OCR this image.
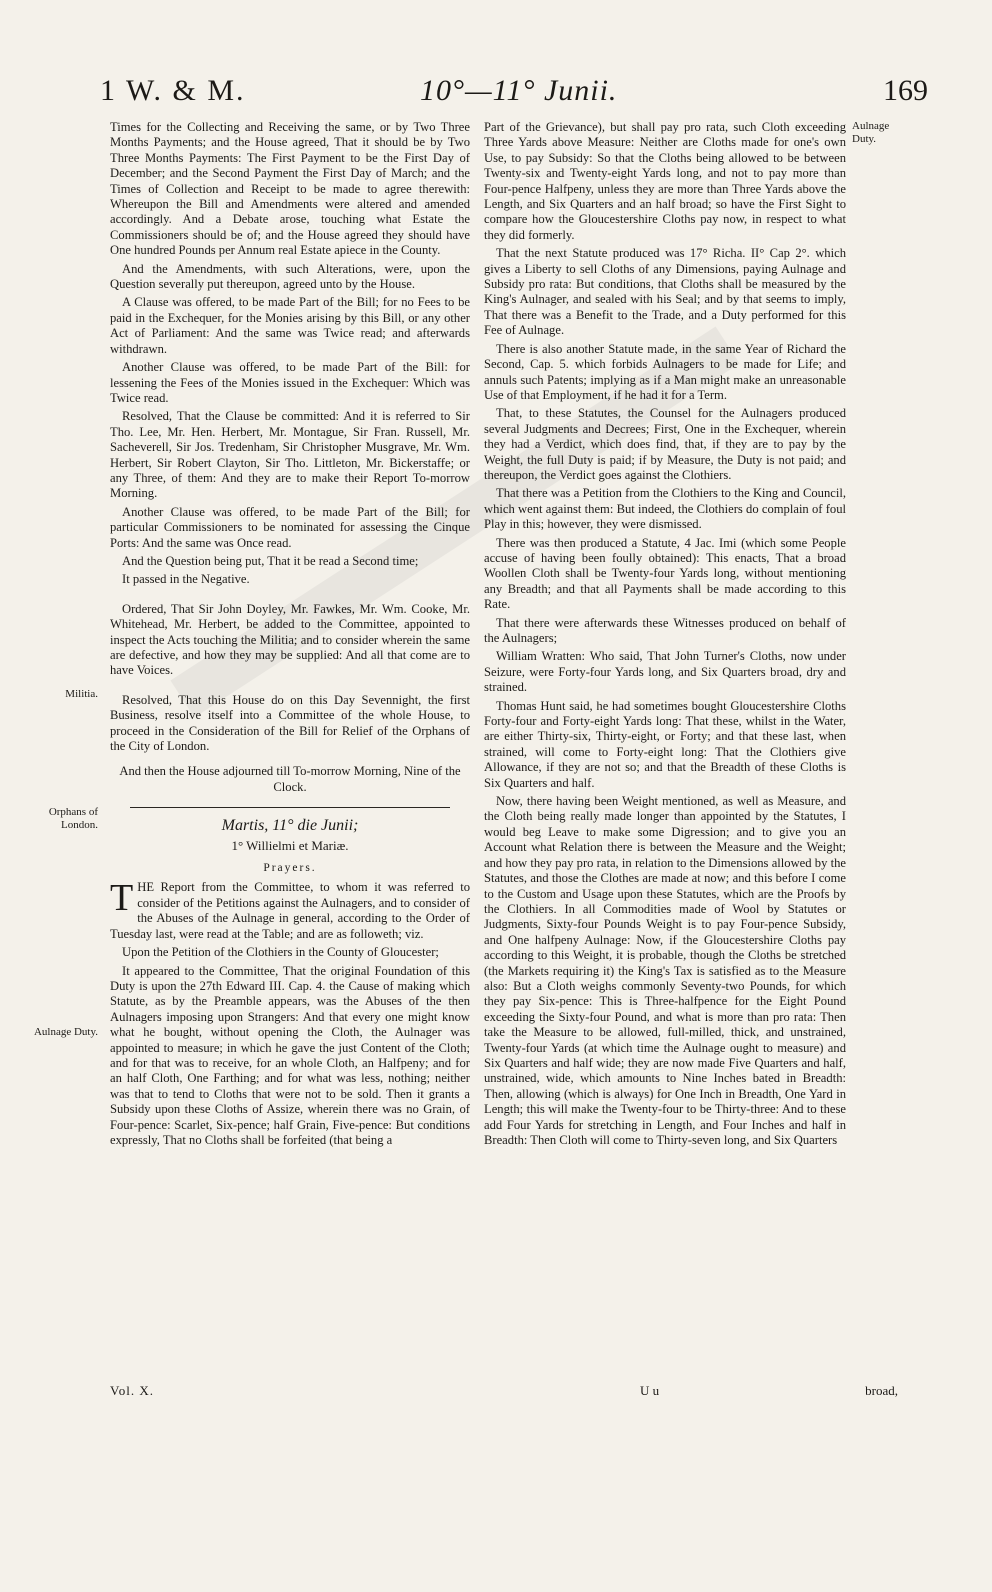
1 W. & M.	10°—11° Junii.	169
Aulnage Duty.
Militia.
Orphans of London.
Aulnage Duty.

Times for the Collecting and Receiving the same, or by Two Three Months Payments; and the House agreed, That it should be by Two Three Months Payments: The First Payment to be the First Day of December; and the Second Payment the First Day of March; and the Times of Collection and Receipt to be made to agree therewith: Whereupon the Bill and Amendments were altered and amended accordingly. And a Debate arose, touching what Estate the Commissioners should be of; and the House agreed they should have One hundred Pounds per Annum real Estate apiece in the County.

And the Amendments, with such Alterations, were, upon the Question severally put thereupon, agreed unto by the House.

A Clause was offered, to be made Part of the Bill; for no Fees to be paid in the Exchequer, for the Monies arising by this Bill, or any other Act of Parliament: And the same was Twice read; and afterwards withdrawn.

Another Clause was offered, to be made Part of the Bill: for lessening the Fees of the Monies issued in the Exchequer: Which was Twice read.

Resolved, That the Clause be committed: And it is referred to Sir Tho. Lee, Mr. Hen. Herbert, Mr. Montague, Sir Fran. Russell, Mr. Sacheverell, Sir Jos. Tredenham, Sir Christopher Musgrave, Mr. Wm. Herbert, Sir Robert Clayton, Sir Tho. Littleton, Mr. Bickerstaffe; or any Three, of them: And they are to make their Report To-morrow Morning.

Another Clause was offered, to be made Part of the Bill; for particular Commissioners to be nominated for assessing the Cinque Ports: And the same was Once read.

And the Question being put, That it be read a Second time;

It passed in the Negative.

Ordered, That Sir John Doyley, Mr. Fawkes, Mr. Wm. Cooke, Mr. Whitehead, Mr. Herbert, be added to the Committee, appointed to inspect the Acts touching the Militia; and to consider wherein the same are defective, and how they may be supplied: And all that come are to have Voices.

Resolved, That this House do on this Day Sevennight, the first Business, resolve itself into a Committee of the whole House, to proceed in the Consideration of the Bill for Relief of the Orphans of the City of London.

And then the House adjourned till To-morrow Morning, Nine of the Clock.

Martis, 11° die Junii;
1° Willielmi et Mariæ.
Prayers.

THE Report from the Committee, to whom it was referred to consider of the Petitions against the Aulnagers, and to consider of the Abuses of the Aulnage in general, according to the Order of Tuesday last, were read at the Table; and are as followeth; viz.

Upon the Petition of the Clothiers in the County of Gloucester;

It appeared to the Committee, That the original Foundation of this Duty is upon the 27th Edward III. Cap. 4. the Cause of making which Statute, as by the Preamble appears, was the Abuses of the then Aulnagers imposing upon Strangers: And that every one might know what he bought, without opening the Cloth, the Aulnager was appointed to measure; in which he gave the just Content of the Cloth; and for that was to receive, for an whole Cloth, an Halfpeny; and for an half Cloth, One Farthing; and for what was less, nothing; neither was that to tend to Cloths that were not to be sold. Then it grants a Subsidy upon these Cloths of Assize, wherein there was no Grain, of Four-pence: Scarlet, Six-pence; half Grain, Five-pence: But conditions expressly, That no Cloths shall be forfeited (that being a

Part of the Grievance), but shall pay pro rata, such Cloth exceeding Three Yards above Measure: Neither are Cloths made for one's own Use, to pay Subsidy: So that the Cloths being allowed to be between Twenty-six and Twenty-eight Yards long, and not to pay more than Four-pence Halfpeny, unless they are more than Three Yards above the Length, and Six Quarters and an half broad; so have the First Sight to compare how the Gloucestershire Cloths pay now, in respect to what they did formerly.

That the next Statute produced was 17° Richa. II° Cap 2°. which gives a Liberty to sell Cloths of any Dimensions, paying Aulnage and Subsidy pro rata: But conditions, that Cloths shall be measured by the King's Aulnager, and sealed with his Seal; and by that seems to imply, That there was a Benefit to the Trade, and a Duty performed for this Fee of Aulnage.

There is also another Statute made, in the same Year of Richard the Second, Cap. 5. which forbids Aulnagers to be made for Life; and annuls such Patents; implying as if a Man might make an unreasonable Use of that Employment, if he had it for a Term.

That, to these Statutes, the Counsel for the Aulnagers produced several Judgments and Decrees; First, One in the Exchequer, wherein they had a Verdict, which does find, that, if they are to pay by the Weight, the full Duty is paid; if by Measure, the Duty is not paid; and thereupon, the Verdict goes against the Clothiers.

That there was a Petition from the Clothiers to the King and Council, which went against them: But indeed, the Clothiers do complain of foul Play in this; however, they were dismissed.

There was then produced a Statute, 4 Jac. Imi (which some People accuse of having been foully obtained): This enacts, That a broad Woollen Cloth shall be Twenty-four Yards long, without mentioning any Breadth; and that all Payments shall be made according to this Rate.

That there were afterwards these Witnesses produced on behalf of the Aulnagers;

William Wratten: Who said, That John Turner's Cloths, now under Seizure, were Forty-four Yards long, and Six Quarters broad, dry and strained.

Thomas Hunt said, he had sometimes bought Gloucestershire Cloths Forty-four and Forty-eight Yards long: That these, whilst in the Water, are either Thirty-six, Thirty-eight, or Forty; and that these last, when strained, will come to Forty-eight long: That the Clothiers give Allowance, if they are not so; and that the Breadth of these Cloths is Six Quarters and half.

Now, there having been Weight mentioned, as well as Measure, and the Cloth being really made longer than appointed by the Statutes, I would beg Leave to make some Digression; and to give you an Account what Relation there is between the Measure and the Weight; and how they pay pro rata, in relation to the Dimensions allowed by the Statutes, and those the Clothes are made at now; and this before I come to the Custom and Usage upon these Statutes, which are the Proofs by the Clothiers. In all Commodities made of Wool by Statutes or Judgments, Sixty-four Pounds Weight is to pay Four-pence Subsidy, and One halfpeny Aulnage: Now, if the Gloucestershire Cloths pay according to this Weight, it is probable, though the Cloths be stretched (the Markets requiring it) the King's Tax is satisfied as to the Measure also: But a Cloth weighs commonly Seventy-two Pounds, for which they pay Six-pence: This is Three-halfpence for the Eight Pound exceeding the Sixty-four Pound, and what is more than pro rata: Then take the Measure to be allowed, full-milled, thick, and unstrained, Twenty-four Yards (at which time the Aulnage ought to measure) and Six Quarters and half wide; they are now made Five Quarters and half, unstrained, wide, which amounts to Nine Inches bated in Breadth: Then, allowing (which is always) for One Inch in Breadth, One Yard in Length; this will make the Twenty-four to be Thirty-three: And to these add Four Yards for stretching in Length, and Four Inches and half in Breadth: Then Cloth will come to Thirty-seven long, and Six Quarters

Vol. X.	U u	broad,
